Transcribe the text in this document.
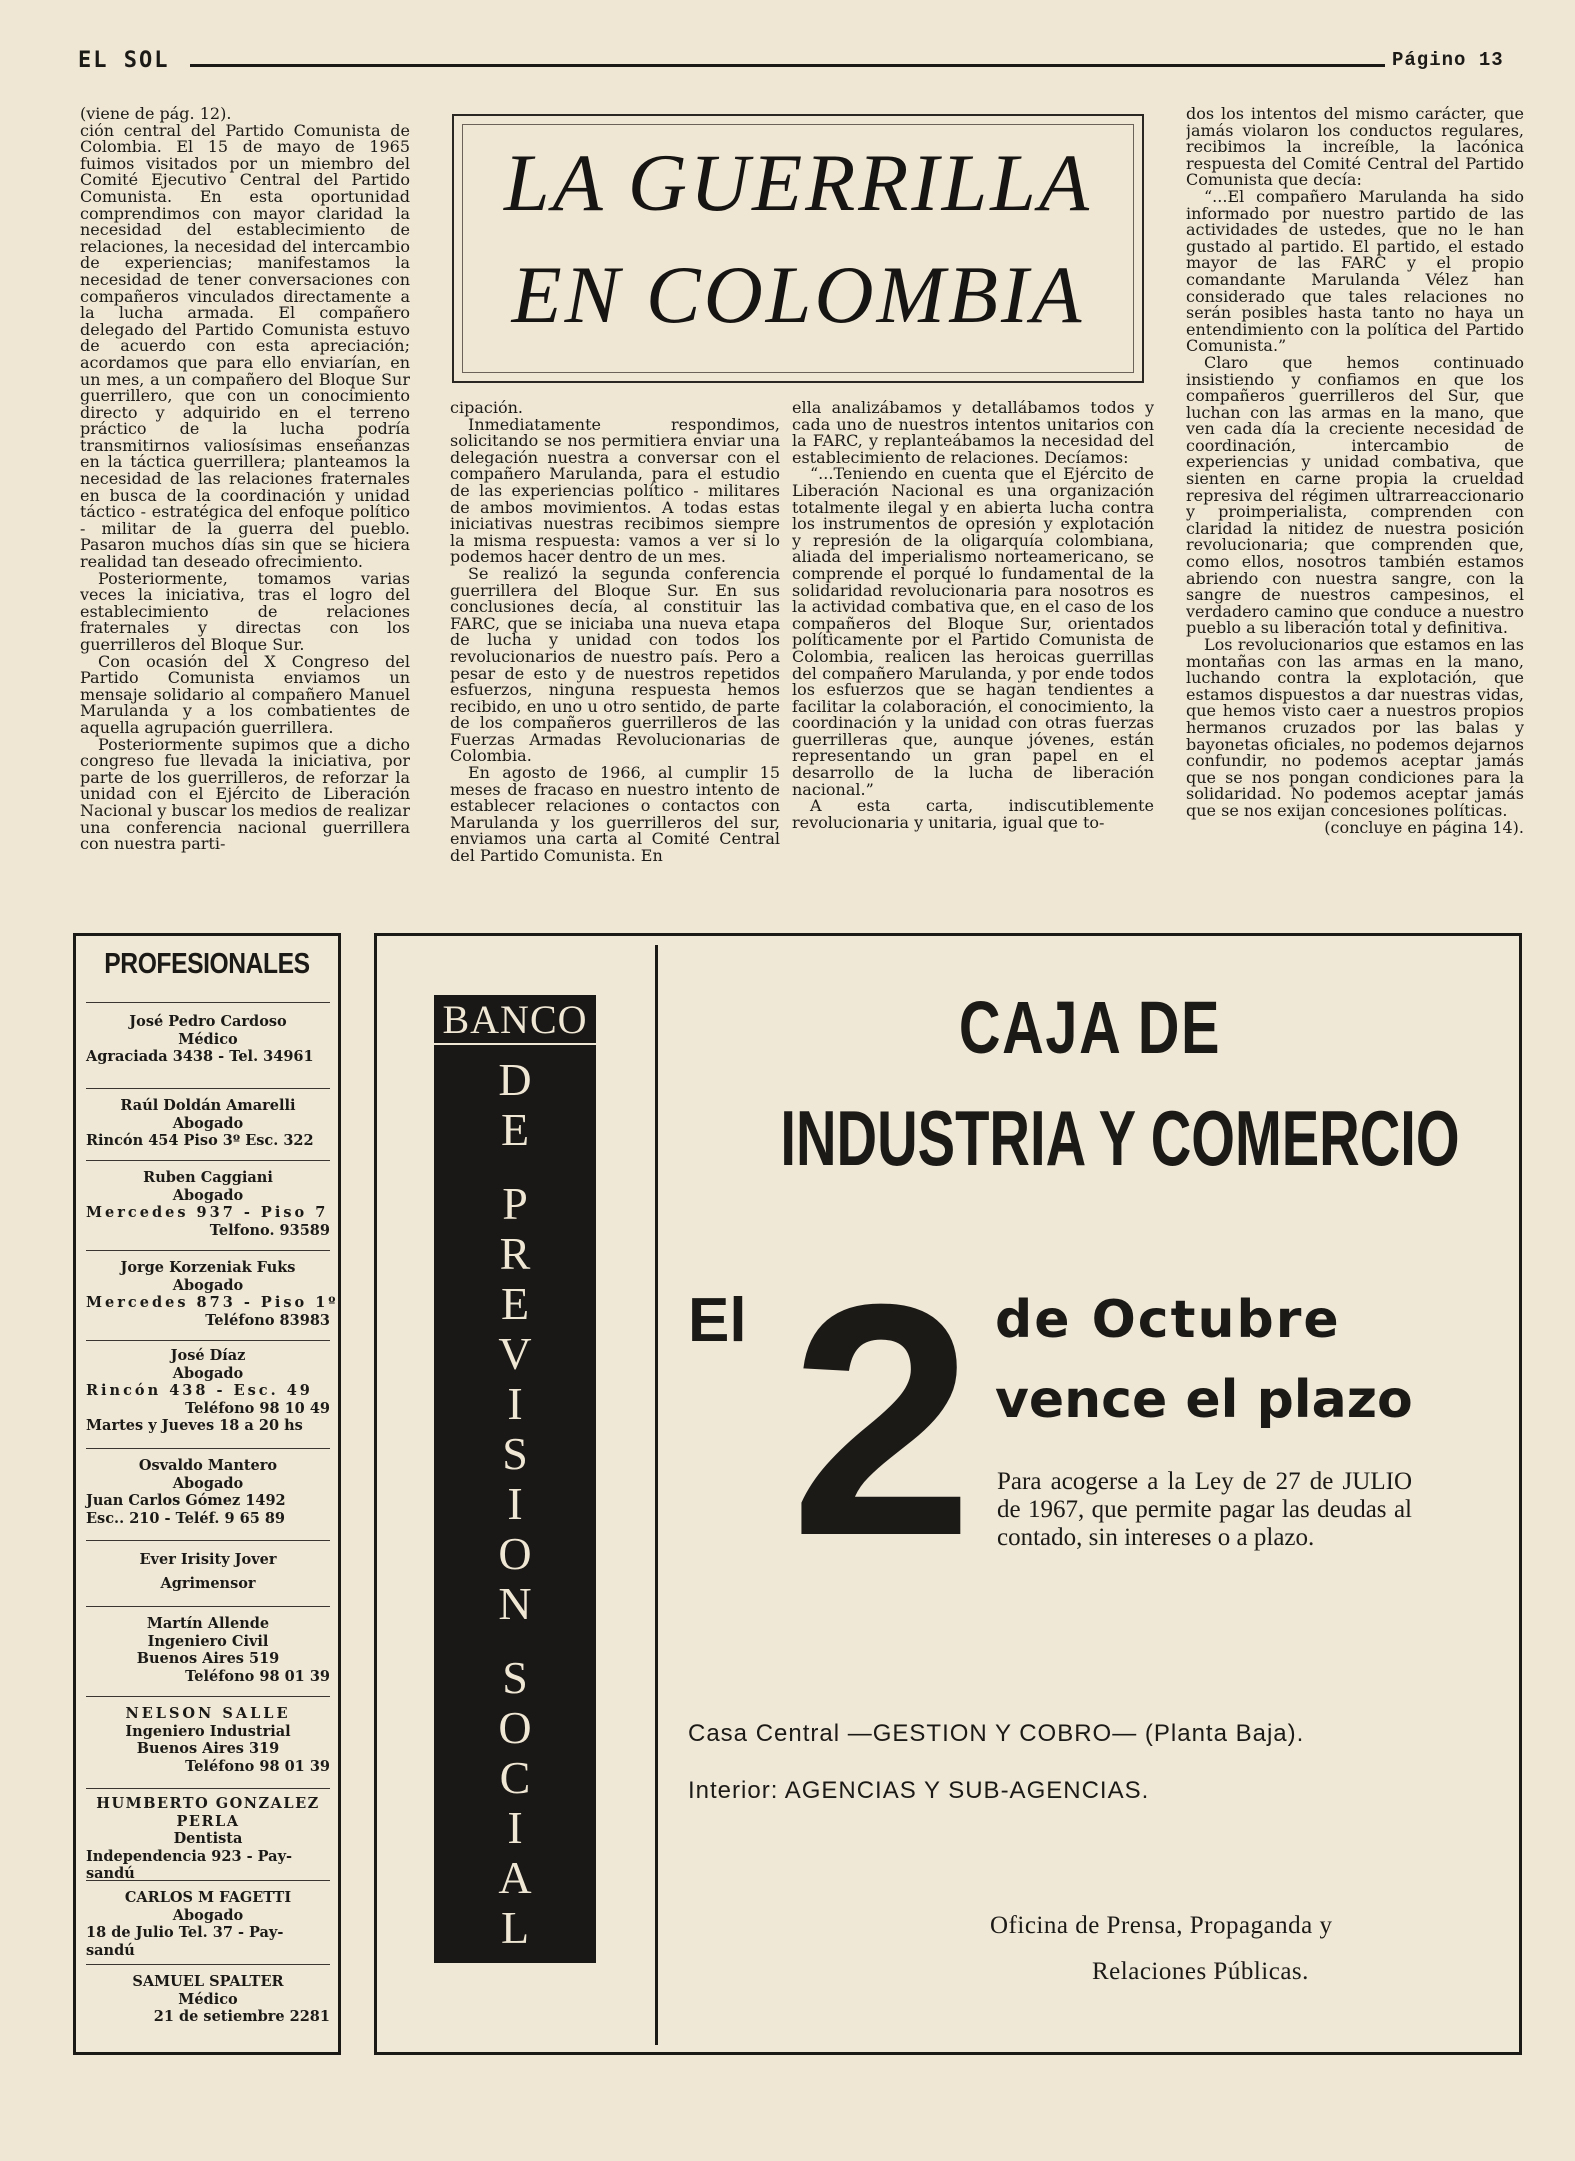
EL SOL	Págino 13
LA GUERRILLA
EN COLOMBIA

(viene de pág. 12).

ción central del Partido Comunista de Colombia. El 15 de mayo de 1965 fuimos visitados por un miembro del Comité Ejecutivo Central del Partido Comunista. En esta oportunidad comprendimos con mayor claridad la necesidad del establecimiento de relaciones, la necesidad del intercambio de experiencias; manifestamos la necesidad de tener conversaciones con compañeros vinculados directamente a la lucha armada. El compañero delegado del Partido Comunista estuvo de acuerdo con esta apreciación; acordamos que para ello enviarían, en un mes, a un compañero del Bloque Sur guerrillero, que con un conocimiento directo y adquirido en el terreno práctico de la lucha podría transmitirnos valiosísimas enseñanzas en la táctica guerrillera; planteamos la necesidad de las relaciones fraternales en busca de la coordinación y unidad táctico - estratégica del enfoque político - militar de la guerra del pueblo. Pasaron muchos días sin que se hiciera realidad tan deseado ofrecimiento.

Posteriormente, tomamos varias veces la iniciativa, tras el logro del establecimiento de relaciones fraternales y directas con los guerrilleros del Bloque Sur.

Con ocasión del X Congreso del Partido Comunista enviamos un mensaje solidario al compañero Manuel Marulanda y a los combatientes de aquella agrupación guerrillera.

Posteriormente supimos que a dicho congreso fue llevada la iniciativa, por parte de los guerrilleros, de reforzar la unidad con el Ejército de Liberación Nacional y buscar los medios de realizar una conferencia nacional guerrillera con nuestra parti-

cipación.

Inmediatamente respondimos, solicitando se nos permitiera enviar una delegación nuestra a conversar con el compañero Marulanda, para el estudio de las experiencias político - militares de ambos movimientos. A todas estas iniciativas nuestras recibimos siempre la misma respuesta: vamos a ver si lo podemos hacer dentro de un mes.

Se realizó la segunda conferencia guerrillera del Bloque Sur. En sus conclusiones decía, al constituir las FARC, que se iniciaba una nueva etapa de lucha y unidad con todos los revolucionarios de nuestro país. Pero a pesar de esto y de nuestros repetidos esfuerzos, ninguna respuesta hemos recibido, en uno u otro sentido, de parte de los compañeros guerrilleros de las Fuerzas Armadas Revolucionarias de Colombia.

En agosto de 1966, al cumplir 15 meses de fracaso en nuestro intento de establecer relaciones o contactos con Marulanda y los guerrilleros del sur, enviamos una carta al Comité Central del Partido Comunista. En

ella analizábamos y detallábamos todos y cada uno de nuestros intentos unitarios con la FARC, y replanteábamos la necesidad del establecimiento de relaciones. Decíamos:

“...Teniendo en cuenta que el Ejército de Liberación Nacional es una organización totalmente ilegal y en abierta lucha contra los instrumentos de opresión y explotación y represión de la oligarquía colombiana, aliada del imperialismo norteamericano, se comprende el porqué lo fundamental de la solidaridad revolucionaria para nosotros es la actividad combativa que, en el caso de los compañeros del Bloque Sur, orientados políticamente por el Partido Comunista de Colombia, realicen las heroicas guerrillas del compañero Marulanda, y por ende todos los esfuerzos que se hagan tendientes a facilitar la colaboración, el conocimiento, la coordinación y la unidad con otras fuerzas guerrilleras que, aunque jóvenes, están representando un gran papel en el desarrollo de la lucha de liberación nacional.”

A esta carta, indiscutiblemente revolucionaria y unitaria, igual que to-

dos los intentos del mismo carácter, que jamás violaron los conductos regulares, recibimos la increíble, la lacónica respuesta del Comité Central del Partido Comunista que decía:

“...El compañero Marulanda ha sido informado por nuestro partido de las actividades de ustedes, que no le han gustado al partido. El partido, el estado mayor de las FARC y el propio comandante Marulanda Vélez han considerado que tales relaciones no serán posibles hasta tanto no haya un entendimiento con la política del Partido Comunista.”

Claro que hemos continuado insistiendo y confiamos en que los compañeros guerrilleros del Sur, que luchan con las armas en la mano, que ven cada día la creciente necesidad de coordinación, intercambio de experiencias y unidad combativa, que sienten en carne propia la crueldad represiva del régimen ultrarreaccionario y proimperialista, comprenden con claridad la nitidez de nuestra posición revolucionaria; que comprenden que, como ellos, nosotros también estamos abriendo con nuestra sangre, con la sangre de nuestros campesinos, el verdadero camino que conduce a nuestro pueblo a su liberación total y definitiva.

Los revolucionarios que estamos en las montañas con las armas en la mano, luchando contra la explotación, que estamos dispuestos a dar nuestras vidas, que hemos visto caer a nuestros propios hermanos cruzados por las balas y bayonetas oficiales, no podemos dejarnos confundir, no podemos aceptar jamás que se nos pongan condiciones para la solidaridad. No podemos aceptar jamás que se nos exijan concesiones políticas.

(concluye en página 14).

PROFESIONALES
José Pedro Cardoso
Médico
Agraciada 3438 - Tel. 34961
Raúl Doldán Amarelli
Abogado
Rincón 454 Piso 3º Esc. 322
Ruben Caggiani
Abogado
Mercedes 937 - Piso 7
Telfono. 93589
Jorge Korzeniak Fuks
Abogado
Mercedes 873 - Piso 1º
Teléfono 83983
José Díaz
Abogado
Rincón 438 - Esc. 49
Teléfono 98 10 49
Martes y Jueves 18 a 20 hs
Osvaldo Mantero
Abogado
Juan Carlos Gómez 1492
Esc.. 210 - Teléf. 9 65 89
Ever Irisity Jover
Agrimensor
Martín Allende
Ingeniero Civil
Buenos Aires 519
Teléfono 98 01 39
NELSON SALLE
Ingeniero Industrial
Buenos Aires 319
Teléfono 98 01 39
HUMBERTO GONZALEZ PERLA
Dentista
Independencia 923 - Pay-
sandú
CARLOS M FAGETTI
Abogado
18 de Julio Tel. 37 - Pay-
sandú
SAMUEL SPALTER
Médico
21 de setiembre 2281
BANCO
D
E
P
R
E
V
I
S
I
O
N
S
O
C
I
A
L
CAJA DE
INDUSTRIA Y COMERCIO
El 2 de Octubre
vence el plazo
Para acogerse a la Ley de 27 de JULIO de 1967, que permite pagar las deudas al contado, sin intereses o a plazo.
Casa Central —GESTION Y COBRO— (Planta Baja).
Interior: AGENCIAS Y SUB-AGENCIAS.
Oficina de Prensa, Propaganda y
Relaciones Públicas.
